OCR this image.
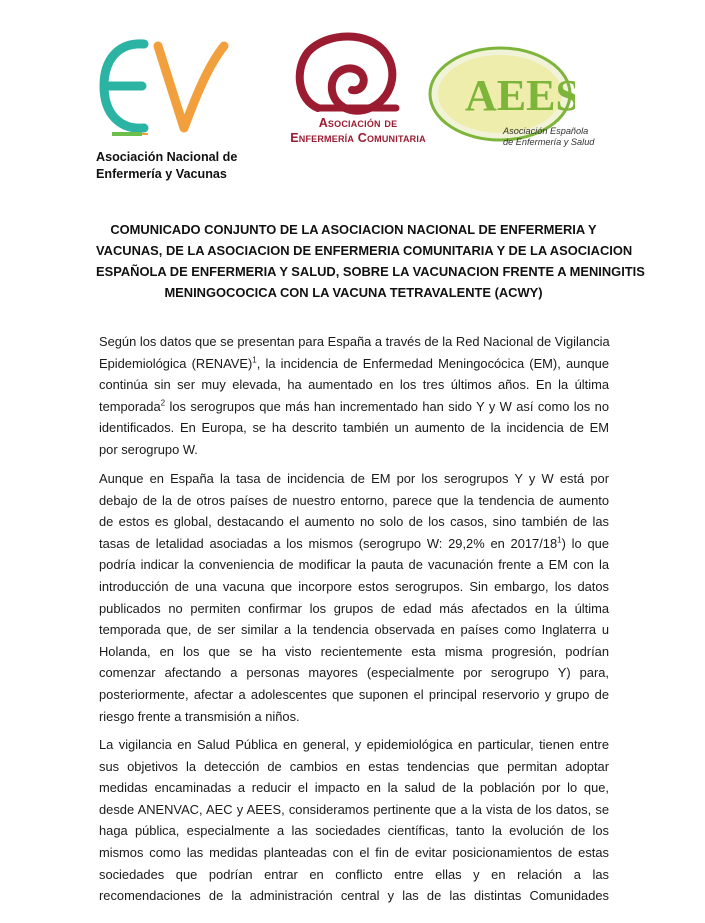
Asociación Nacional de
Enfermería y Vacunas
Asociación de
Enfermería Comunitaria
AEES
Asociación Española
de Enfermería y Salud
COMUNICADO CONJUNTO DE LA ASOCIACION NACIONAL DE ENFERMERIA Y
VACUNAS, DE LA ASOCIACION DE ENFERMERIA COMUNITARIA Y DE LA ASOCIACION
ESPAÑOLA DE ENFERMERIA Y SALUD, SOBRE LA VACUNACION FRENTE A MENINGITIS
MENINGOCOCICA CON LA VACUNA TETRAVALENTE (ACWY)
Según los datos que se presentan para España a través de la Red Nacional de Vigilancia
Epidemiológica (RENAVE)$^1$, la incidencia de Enfermedad Meningocócica (EM), aunque
continúa sin ser muy elevada, ha aumentado en los tres últimos años. En la última
temporada$^2$ los serogrupos que más han incrementado han sido Y y W así como los no
identificados. En Europa, se ha descrito también un aumento de la incidencia de EM
por serogrupo W.
Aunque en España la tasa de incidencia de EM por los serogrupos Y y W está por
debajo de la de otros países de nuestro entorno, parece que la tendencia de aumento
de estos es global, destacando el aumento no solo de los casos, sino también de las
tasas de letalidad asociadas a los mismos (serogrupo W: 29,2% en $2017/18^1$) lo que
podría indicar la conveniencia de modificar la pauta de vacunación frente a EM con la
introducción de una vacuna que incorpore estos serogrupos. Sin embargo, los datos
publicados no permiten confirmar los grupos de edad más afectados en la última
temporada que, de ser similar a la tendencia observada en países como Inglaterra u
Holanda, en los que se ha visto recientemente esta misma progresión, podrían
comenzar afectando a personas mayores (especialmente por serogrupo Y) para,
posteriormente, afectar a adolescentes que suponen el principal reservorio y grupo de
riesgo frente a transmisión a niños.
La vigilancia en Salud Pública en general, y epidemiológica en particular, tienen entre
sus objetivos la detección de cambios en estas tendencias que permitan adoptar
medidas encaminadas a reducir el impacto en la salud de la población por lo que,
desde ANENVAC, AEC y AEES, consideramos pertinente que a la vista de los datos, se
haga pública, especialmente a las sociedades científicas, tanto la evolución de los
mismos como las medidas planteadas con el fin de evitar posicionamientos de estas
sociedades que podrían entrar en conflicto entre ellas y en relación a las
recomendaciones de la administración central y las de las distintas Comunidades
